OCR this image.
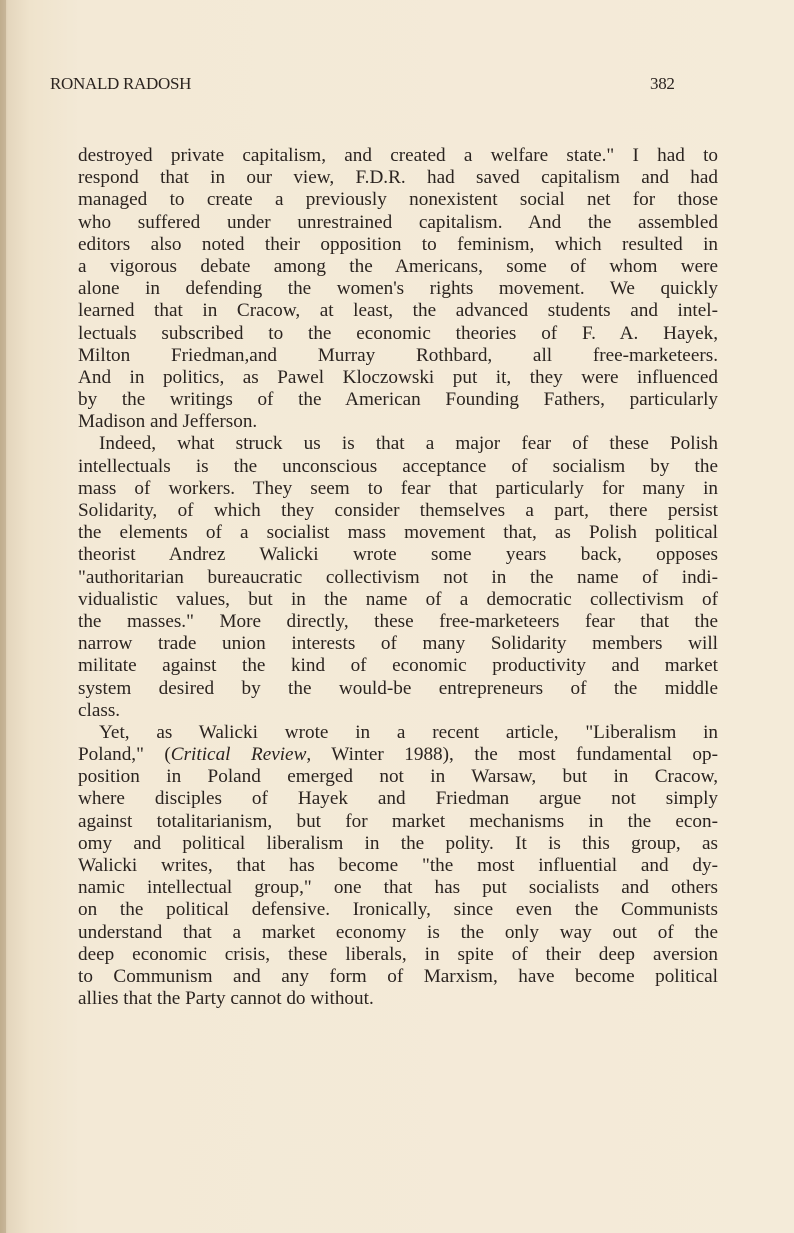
RONALD RADOSH	382
destroyed private capitalism, and created a welfare state." I had to
respond that in our view, F.D.R. had saved capitalism and had
managed to create a previously nonexistent social net for those
who suffered under unrestrained capitalism. And the assembled
editors also noted their opposition to feminism, which resulted in
a vigorous debate among the Americans, some of whom were
alone in defending the women's rights movement. We quickly
learned that in Cracow, at least, the advanced students and intel-
lectuals subscribed to the economic theories of F. A. Hayek,
Milton Friedman,and Murray Rothbard, all free-marketeers.
And in politics, as Pawel Kloczowski put it, they were influenced
by the writings of the American Founding Fathers, particularly
Madison and Jefferson.
Indeed, what struck us is that a major fear of these Polish
intellectuals is the unconscious acceptance of socialism by the
mass of workers. They seem to fear that particularly for many in
Solidarity, of which they consider themselves a part, there persist
the elements of a socialist mass movement that, as Polish political
theorist Andrez Walicki wrote some years back, opposes
"authoritarian bureaucratic collectivism not in the name of indi-
vidualistic values, but in the name of a democratic collectivism of
the masses." More directly, these free-marketeers fear that the
narrow trade union interests of many Solidarity members will
militate against the kind of economic productivity and market
system desired by the would-be entrepreneurs of the middle
class.
Yet, as Walicki wrote in a recent article, "Liberalism in
Poland," (Critical Review, Winter 1988), the most fundamental op-
position in Poland emerged not in Warsaw, but in Cracow,
where disciples of Hayek and Friedman argue not simply
against totalitarianism, but for market mechanisms in the econ-
omy and political liberalism in the polity. It is this group, as
Walicki writes, that has become "the most influential and dy-
namic intellectual group," one that has put socialists and others
on the political defensive. Ironically, since even the Communists
understand that a market economy is the only way out of the
deep economic crisis, these liberals, in spite of their deep aversion
to Communism and any form of Marxism, have become political
allies that the Party cannot do without.
